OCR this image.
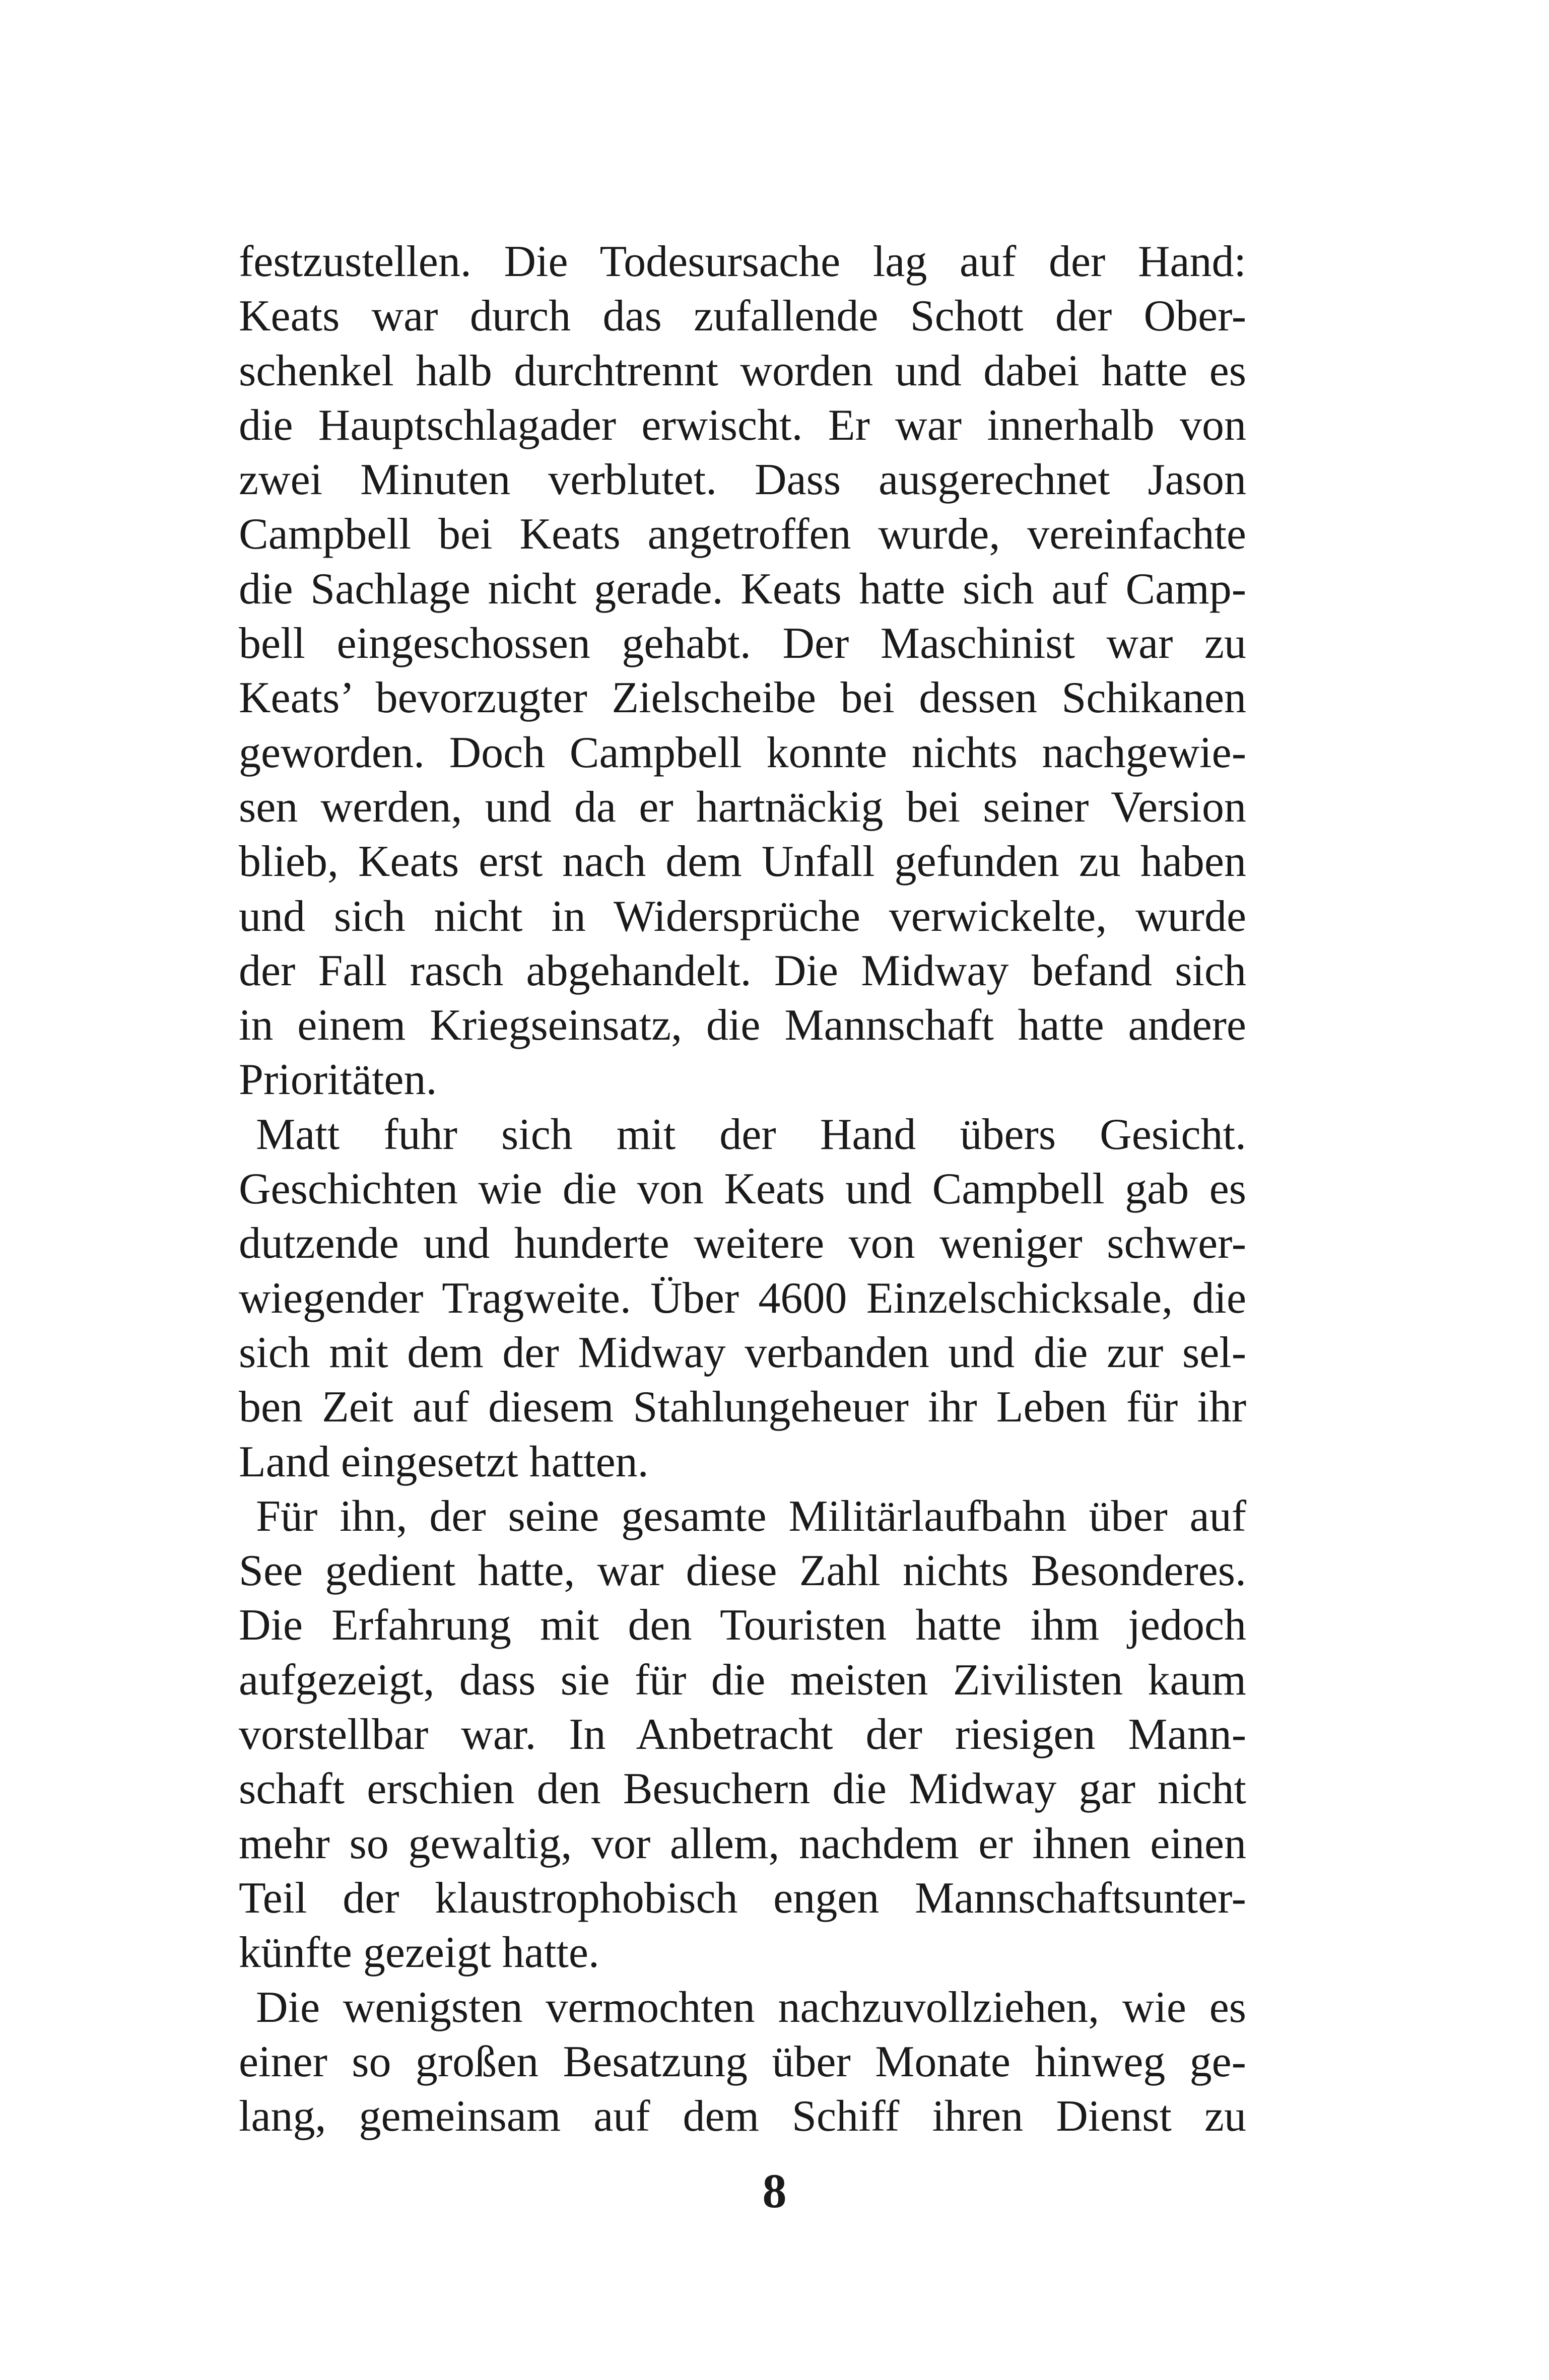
festzustellen. Die Todesursache lag auf der Hand:
Keats war durch das zufallende Schott der Ober-
schenkel halb durchtrennt worden und dabei hatte es
die Hauptschlagader erwischt. Er war innerhalb von
zwei Minuten verblutet. Dass ausgerechnet Jason
Campbell bei Keats angetroffen wurde, vereinfachte
die Sachlage nicht gerade. Keats hatte sich auf Camp-
bell eingeschossen gehabt. Der Maschinist war zu
Keats’ bevorzugter Zielscheibe bei dessen Schikanen
geworden. Doch Campbell konnte nichts nachgewie-
sen werden, und da er hartnäckig bei seiner Version
blieb, Keats erst nach dem Unfall gefunden zu haben
und sich nicht in Widersprüche verwickelte, wurde
der Fall rasch abgehandelt. Die Midway befand sich
in einem Kriegseinsatz, die Mannschaft hatte andere
Prioritäten.
Matt fuhr sich mit der Hand übers Gesicht.
Geschichten wie die von Keats und Campbell gab es
dutzende und hunderte weitere von weniger schwer-
wiegender Tragweite. Über 4600 Einzelschicksale, die
sich mit dem der Midway verbanden und die zur sel-
ben Zeit auf diesem Stahlungeheuer ihr Leben für ihr
Land eingesetzt hatten.
Für ihn, der seine gesamte Militärlaufbahn über auf
See gedient hatte, war diese Zahl nichts Besonderes.
Die Erfahrung mit den Touristen hatte ihm jedoch
aufgezeigt, dass sie für die meisten Zivilisten kaum
vorstellbar war. In Anbetracht der riesigen Mann-
schaft erschien den Besuchern die Midway gar nicht
mehr so gewaltig, vor allem, nachdem er ihnen einen
Teil der klaustrophobisch engen Mannschaftsunter-
künfte gezeigt hatte.
Die wenigsten vermochten nachzuvollziehen, wie es
einer so großen Besatzung über Monate hinweg ge-
lang, gemeinsam auf dem Schiff ihren Dienst zu
8
